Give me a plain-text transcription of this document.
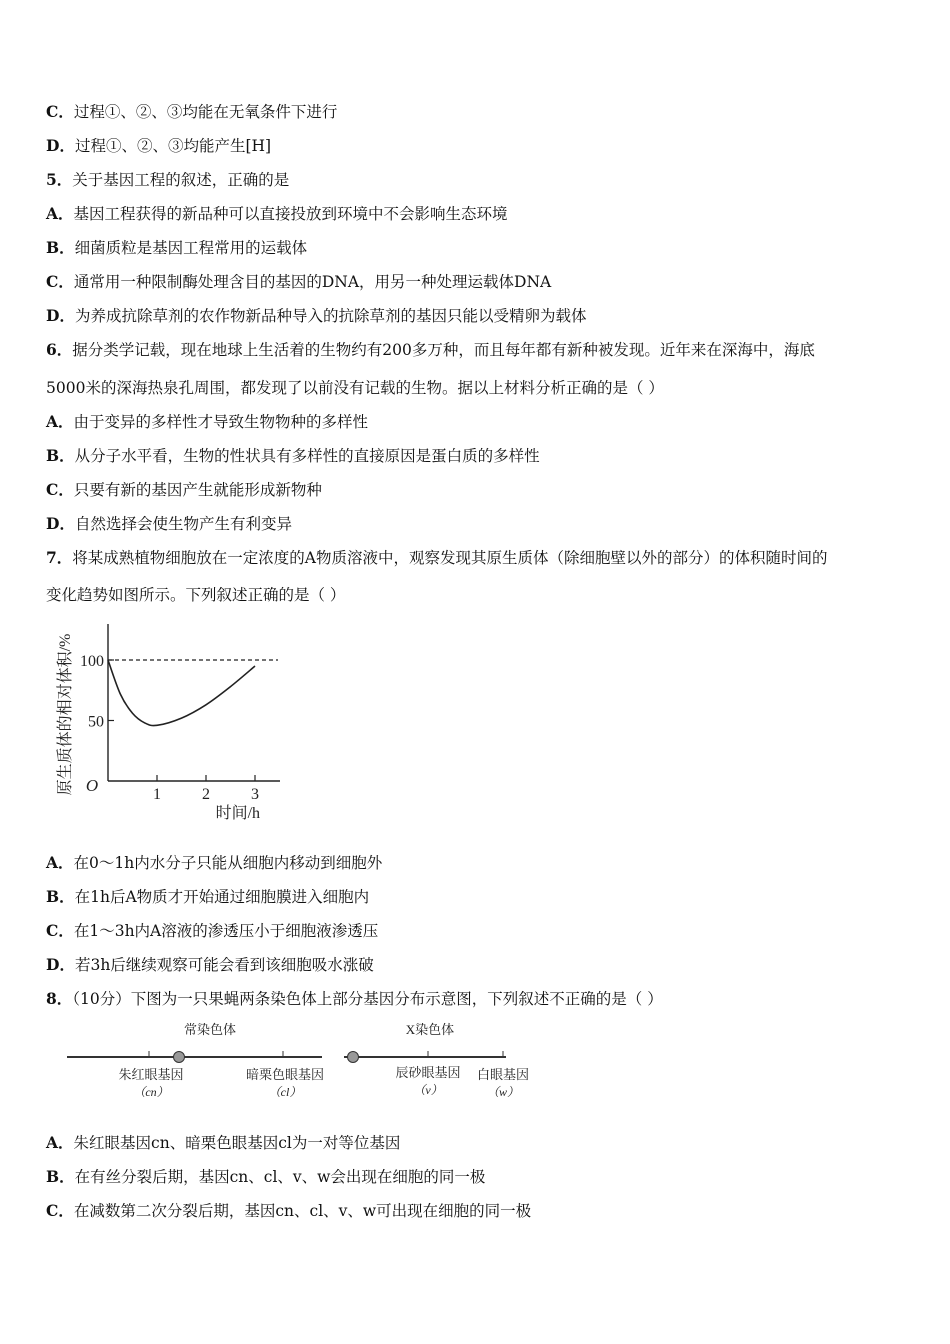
C．过程①、②、③均能在无氧条件下进行
D．过程①、②、③均能产生[H]
5．关于基因工程的叙述，正确的是
A．基因工程获得的新品种可以直接投放到环境中不会影响生态环境
B．细菌质粒是基因工程常用的运载体
C．通常用一种限制酶处理含目的基因的DNA，用另一种处理运载体DNA
D．为养成抗除草剂的农作物新品种导入的抗除草剂的基因只能以受精卵为载体
6．据分类学记载，现在地球上生活着的生物约有200多万种，而且每年都有新种被发现。近年来在深海中，海底
5000米的深海热泉孔周围，都发现了以前没有记载的生物。据以上材料分析正确的是（ ）
A．由于变异的多样性才导致生物物种的多样性
B．从分子水平看，生物的性状具有多样性的直接原因是蛋白质的多样性
C．只要有新的基因产生就能形成新物种
D．自然选择会使生物产生有利变异
7．将某成熟植物细胞放在一定浓度的A物质溶液中，观察发现其原生质体（除细胞壁以外的部分）的体积随时间的
变化趋势如图所示。下列叙述正确的是（ ）
1	2	3
50
100
O
时间/h
原生质体的相对体积/%
A．在0～1h内水分子只能从细胞内移动到细胞外
B．在1h后A物质才开始通过细胞膜进入细胞内
C．在1～3h内A溶液的渗透压小于细胞液渗透压
D．若3h后继续观察可能会看到该细胞吸水涨破
8．（10分）下图为一只果蝇两条染色体上部分基因分布示意图，下列叙述不正确的是（ ）
常染色体
朱红眼基因
（cn）
暗栗色眼基因
（cl）
X染色体
辰砂眼基因
（v）
白眼基因
（w）
A．朱红眼基因cn、暗栗色眼基因cl为一对等位基因
B．在有丝分裂后期，基因cn、cl、v、w会出现在细胞的同一极
C．在减数第二次分裂后期，基因cn、cl、v、w可出现在细胞的同一极
